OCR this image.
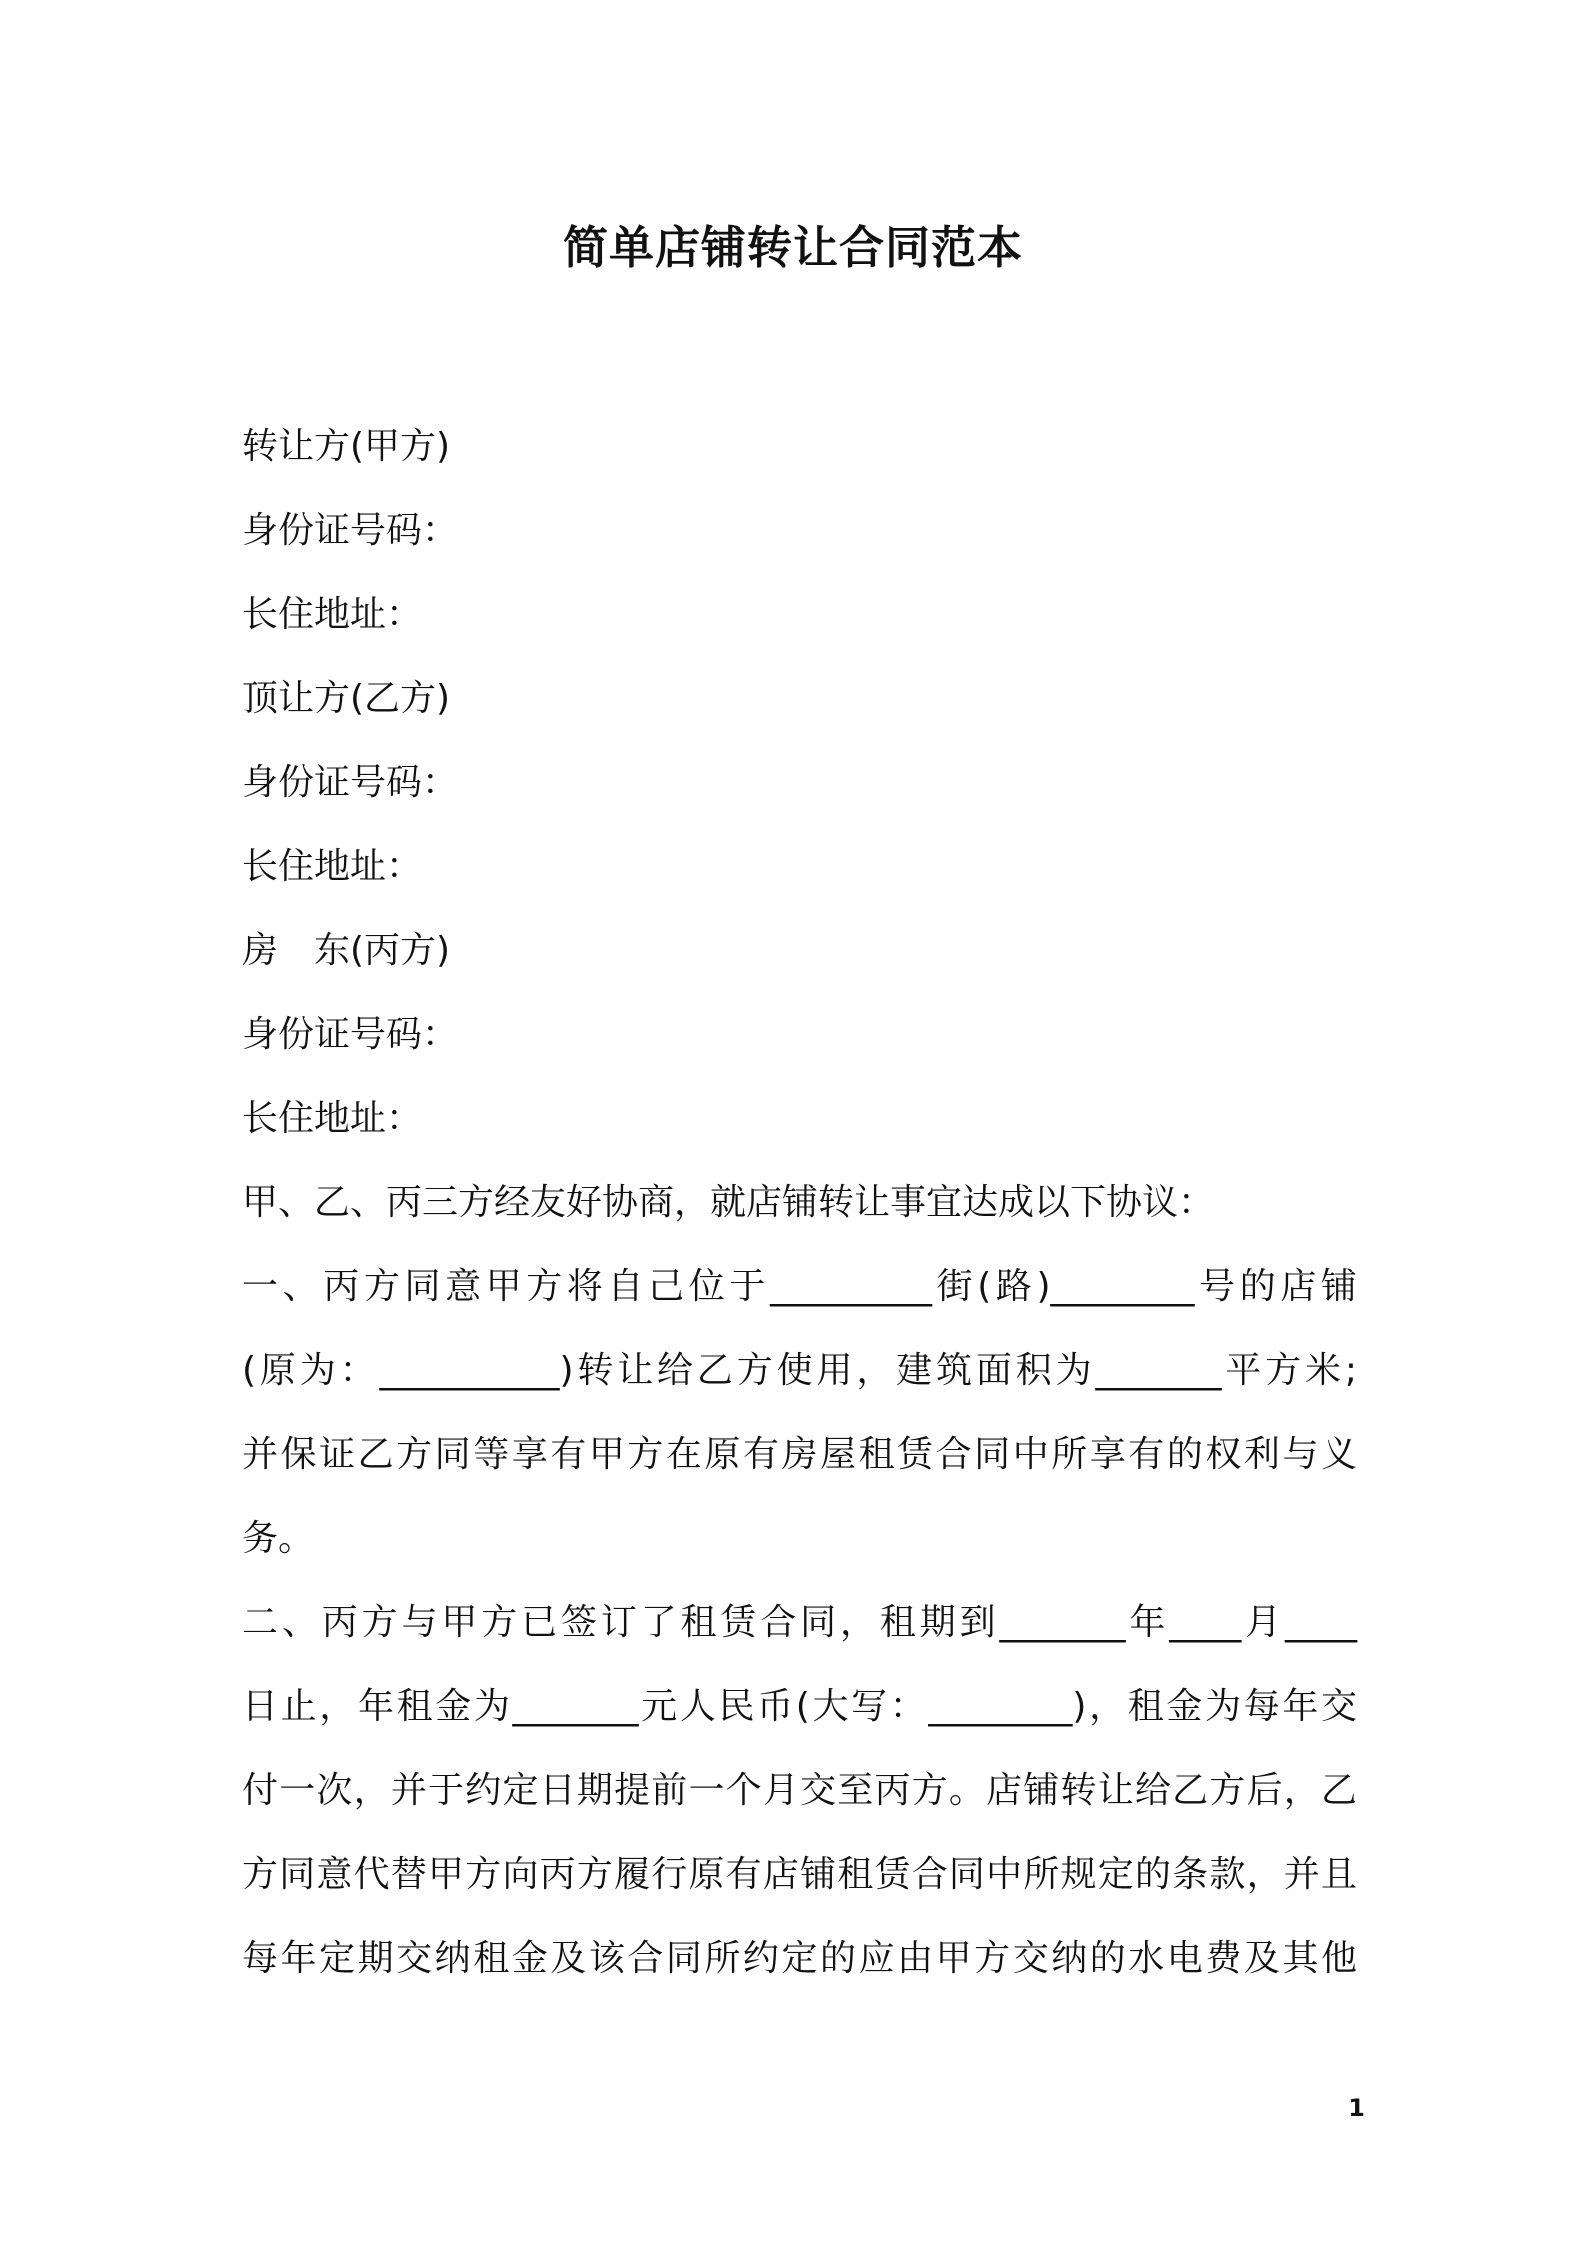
简单店铺转让合同范本
转让方(甲方)
身份证号码：
长住地址：
顶让方(乙方)
身份证号码：
长住地址：
房　东(丙方)
身份证号码：
长住地址：
甲、乙、丙三方经友好协商，就店铺转让事宜达成以下协议：
一、丙方同意甲方将自己位于_________街(路)________号的店铺
(原为：__________)转让给乙方使用，建筑面积为_______平方米;
并保证乙方同等享有甲方在原有房屋租赁合同中所享有的权利与义
务。
二、丙方与甲方已签订了租赁合同，租期到_______年____月____
日止，年租金为_______元人民币(大写：________)，租金为每年交
付一次，并于约定日期提前一个月交至丙方。店铺转让给乙方后，乙
方同意代替甲方向丙方履行原有店铺租赁合同中所规定的条款，并且
每年定期交纳租金及该合同所约定的应由甲方交纳的水电费及其他
1
